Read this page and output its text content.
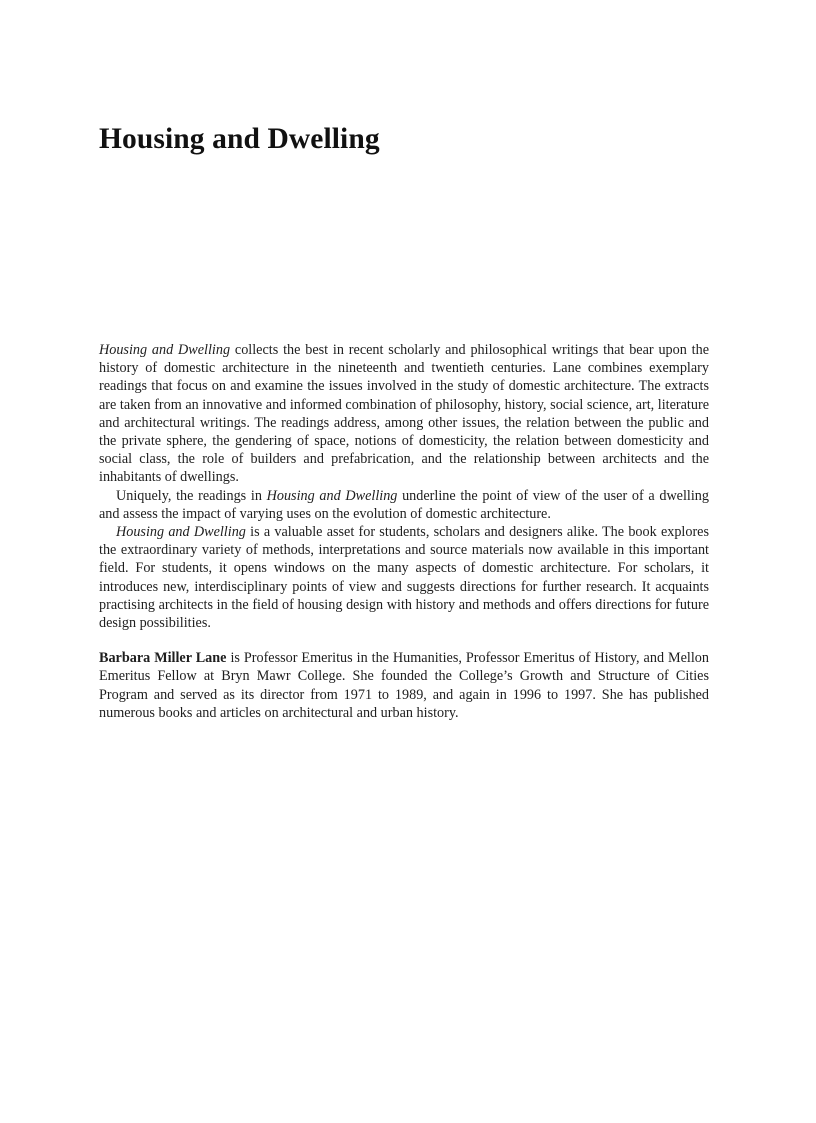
Housing and Dwelling

Housing and Dwelling collects the best in recent scholarly and philosophical writings that bear upon the history of domestic architecture in the nineteenth and twentieth centuries. Lane combines exemplary readings that focus on and examine the issues involved in the study of domestic architecture. The extracts are taken from an innovative and informed combination of philosophy, history, social science, art, literature and architectural writings. The readings address, among other issues, the relation between the public and the private sphere, the gendering of space, notions of domesticity, the relation between domesticity and social class, the role of builders and prefabrication, and the relationship between architects and the inhabitants of dwellings.

Uniquely, the readings in Housing and Dwelling underline the point of view of the user of a dwelling and assess the impact of varying uses on the evolution of domestic architecture.

Housing and Dwelling is a valuable asset for students, scholars and designers alike. The book explores the extraordinary variety of methods, interpretations and source materials now available in this important field. For students, it opens windows on the many aspects of domestic architecture. For scholars, it introduces new, interdisciplinary points of view and suggests directions for further research. It acquaints practising architects in the field of housing design with history and methods and offers directions for future design possibilities.

Barbara Miller Lane is Professor Emeritus in the Humanities, Professor Emeritus of History, and Mellon Emeritus Fellow at Bryn Mawr College. She founded the College’s Growth and Structure of Cities Program and served as its director from 1971 to 1989, and again in 1996 to 1997. She has published numerous books and articles on architectural and urban history.
